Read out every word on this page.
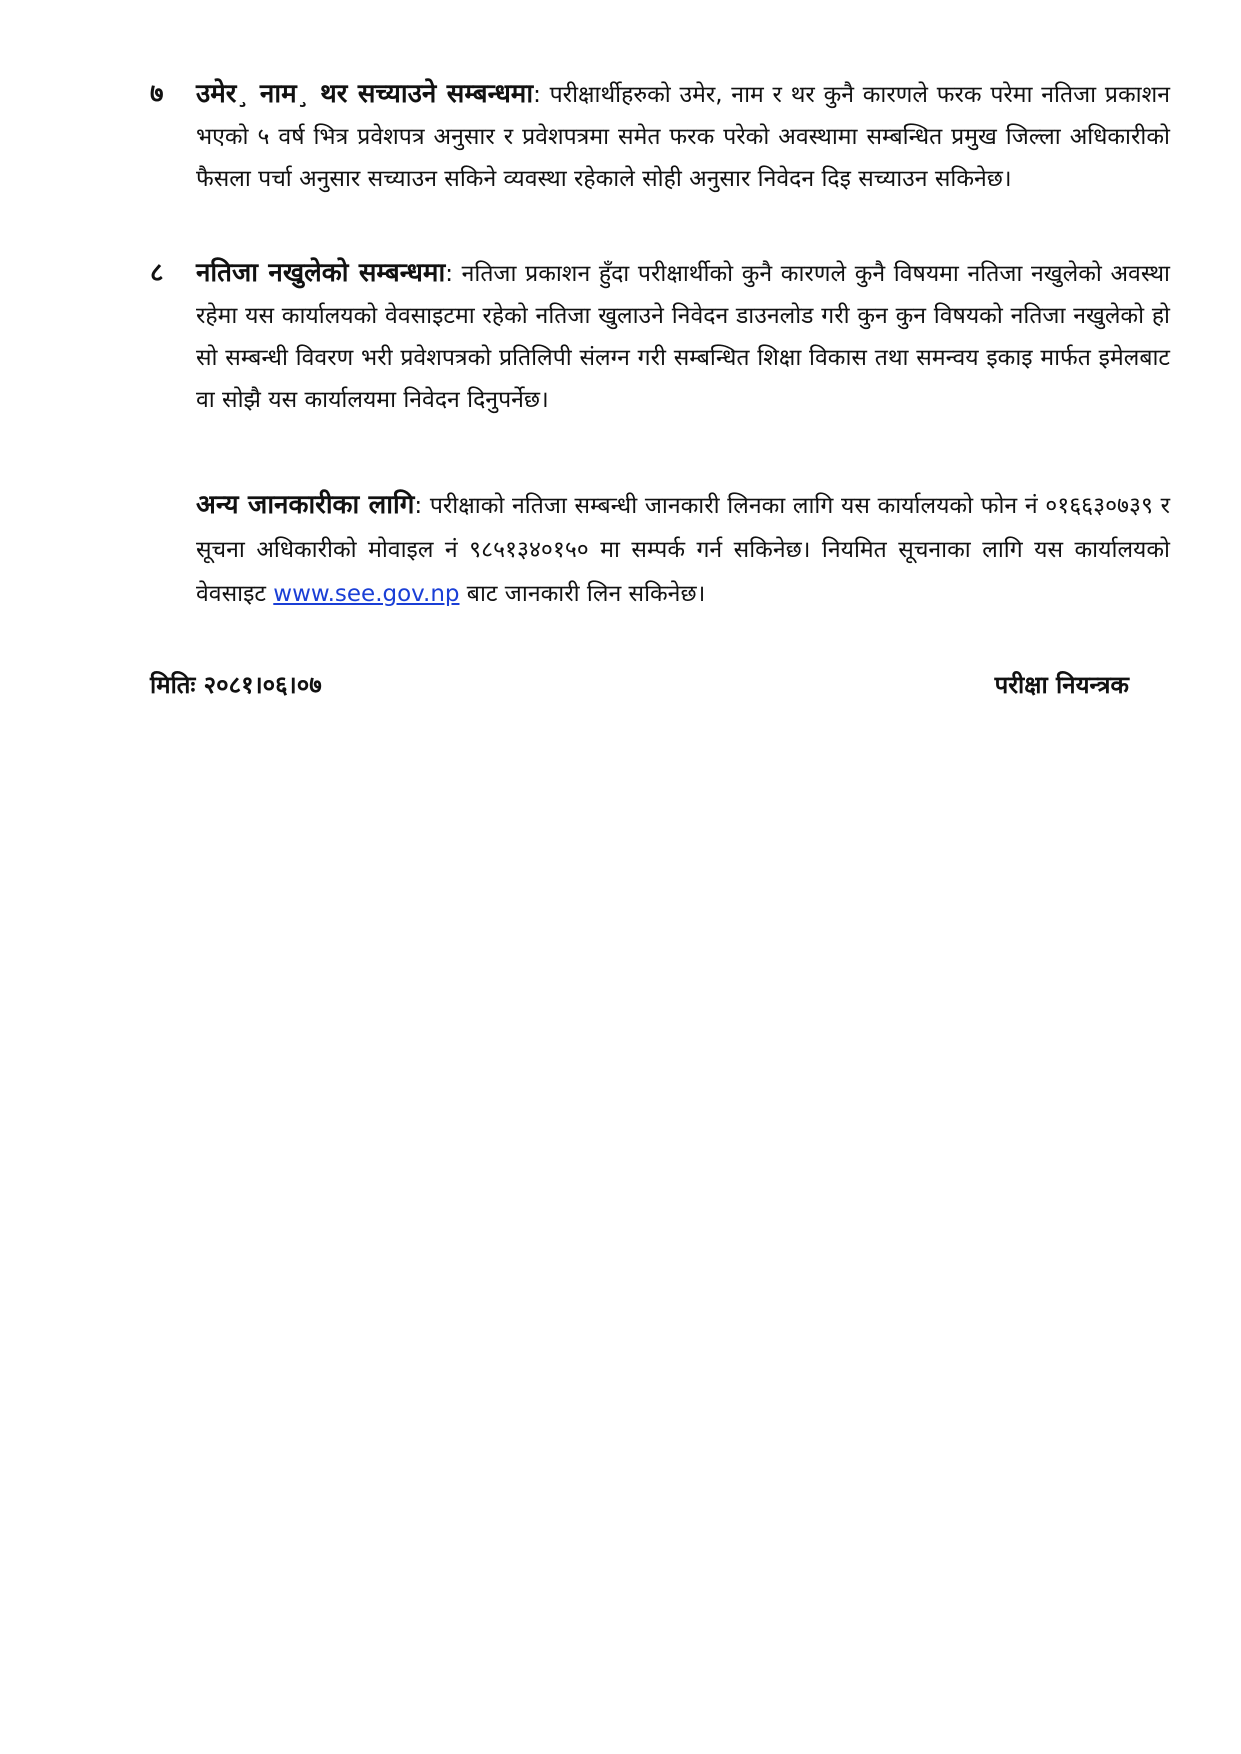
७ उमेर¸ नाम¸ थर सच्याउने सम्बन्धमा: परीक्षार्थीहरुको उमेर, नाम र थर कुनै कारणले फरक परेमा नतिजा प्रकाशन भएको ५ वर्ष भित्र प्रवेशपत्र अनुसार र प्रवेशपत्रमा समेत फरक परेको अवस्थामा सम्बन्धित प्रमुख जिल्ला अधिकारीको फैसला पर्चा अनुसार सच्याउन सकिने व्यवस्था रहेकाले सोही अनुसार निवेदन दिइ सच्याउन सकिनेछ।
८ नतिजा नखुलेको सम्बन्धमा: नतिजा प्रकाशन हुँदा परीक्षार्थीको कुनै कारणले कुनै विषयमा नतिजा नखुलेको अवस्था रहेमा यस कार्यालयको वेवसाइटमा रहेको नतिजा खुलाउने निवेदन डाउनलोड गरी कुन कुन विषयको नतिजा नखुलेको हो सो सम्बन्धी विवरण भरी प्रवेशपत्रको प्रतिलिपी संलग्न गरी सम्बन्धित शिक्षा विकास तथा समन्वय इकाइ मार्फत इमेलबाट वा सोझै यस कार्यालयमा निवेदन दिनुपर्नेछ।
अन्य जानकारीका लागि: परीक्षाको नतिजा सम्बन्धी जानकारी लिनका लागि यस कार्यालयको फोन नं ०१६६३०७३९ र सूचना अधिकारीको मोवाइल नं ९८५१३४०१५० मा सम्पर्क गर्न सकिनेछ। नियमित सूचनाका लागि यस कार्यालयको वेवसाइट www.see.gov.np बाट जानकारी लिन सकिनेछ।
मितिः २०८१।०६।०७	परीक्षा नियन्त्रक
